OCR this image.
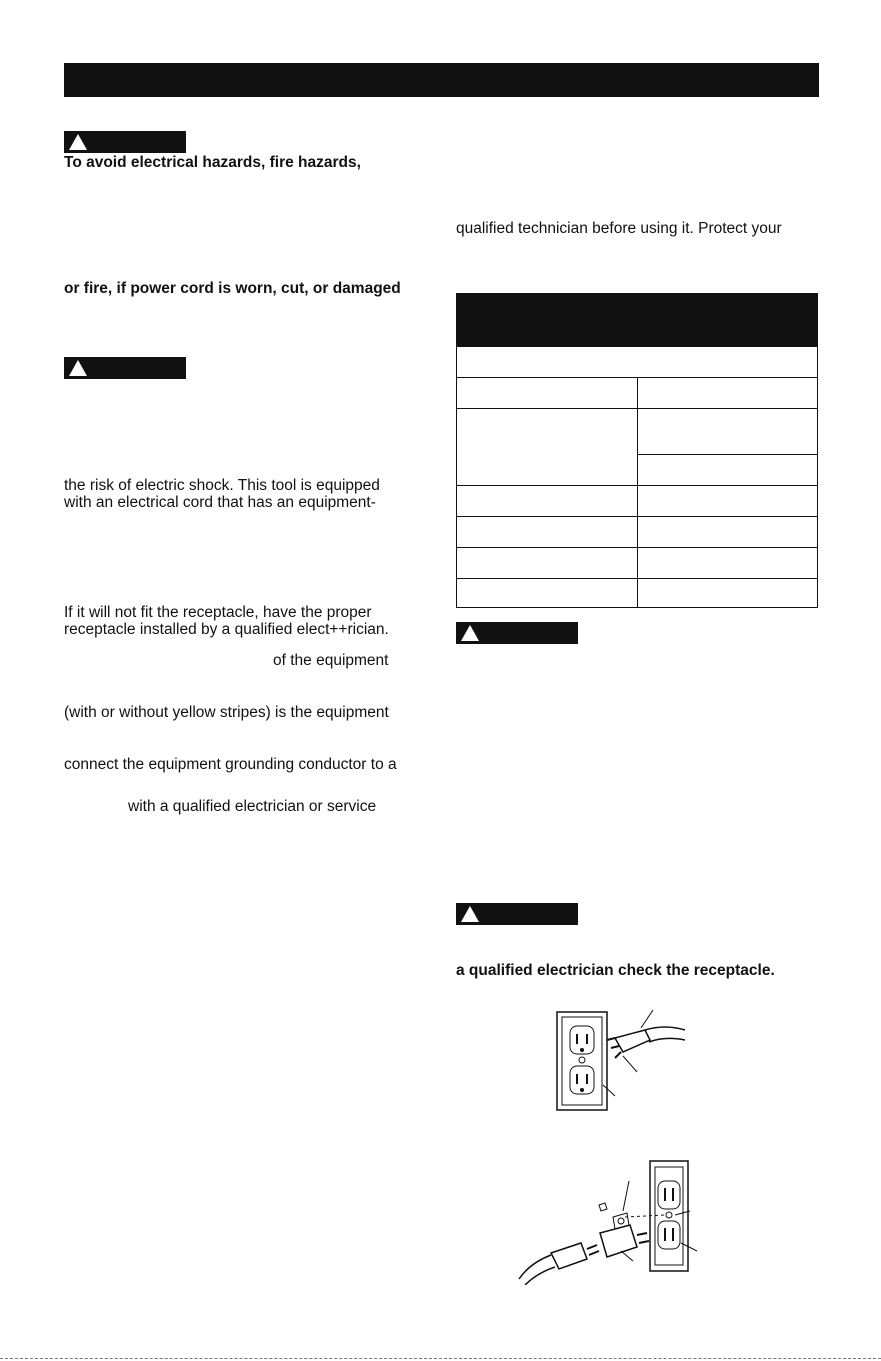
To avoid electrical hazards, fire hazards,
or fire, if power cord is worn, cut, or damaged
the risk of electric shock. This tool is equipped
with an electrical cord that has an equipment-
If it will not fit the receptacle, have the proper
receptacle installed by a qualified elect++rician.
of the equipment
(with or without yellow stripes) is the equipment
connect the equipment grounding conductor to a
with a qualified electrician or service
qualified technician before using it. Protect your
a qualified electrician check the receptacle.
